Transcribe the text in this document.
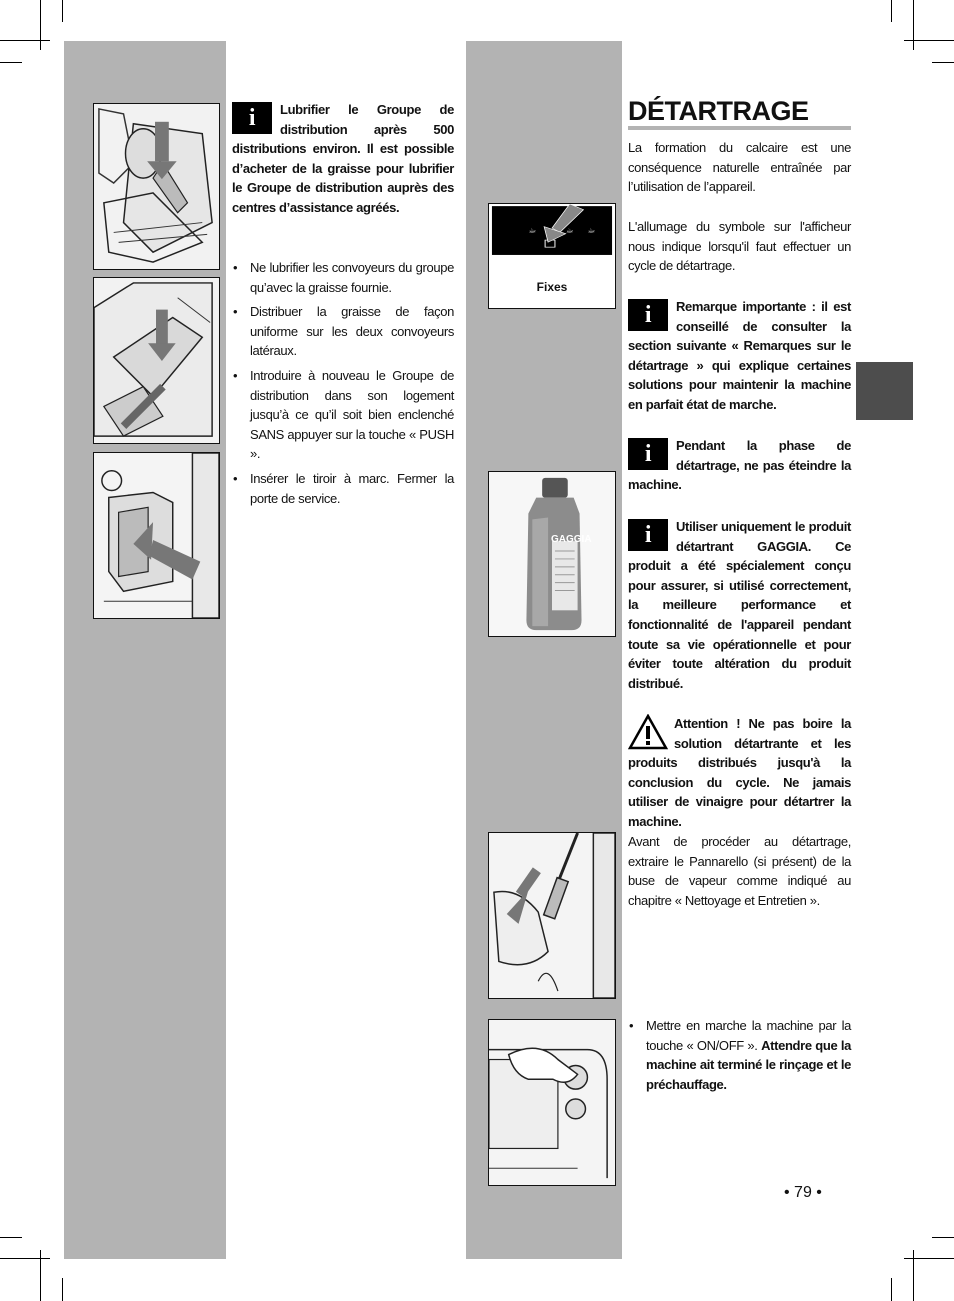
☕	☕ ☕
Fixes
GAGGIA
i	Lubrifier le Groupe de distribution après 500 distributions environ. Il est possible d’acheter de la graisse pour lubrifier le Groupe de distribution auprès des centres d’assistance agréés.
• Ne lubrifier les convoyeurs du groupe qu’avec la graisse fournie.
• Distribuer la graisse de façon uniforme sur les deux convoyeurs latéraux.
• Introduire à nouveau le Groupe de distribution dans son logement jusqu’à ce qu’il soit bien enclenché SANS appuyer sur la touche « PUSH ».
• Insérer le tiroir à marc. Fermer la porte de service.
DÉTARTRAGE
La formation du calcaire est une conséquence naturelle entraînée par l’utilisation de l’appareil.
L'allumage du symbole sur l'afficheur nous indique lorsqu'il faut effectuer un cycle de détartrage.
i	Remarque importante : il est conseillé de consulter la section suivante « Remarques sur le détartrage » qui explique certaines solutions pour maintenir la machine en parfait état de marche.
i	Pendant la phase de détartrage, ne pas éteindre la machine.
i	Utiliser uniquement le produit détartrant GAGGIA. Ce produit a été spécialement conçu pour assurer, si utilisé correctement, la meilleure performance et fonctionnalité de l'appareil pendant toute sa vie opérationnelle et pour éviter toute altération du produit distribué.
Attention ! Ne pas boire la solution détartrante et les produits distribués jusqu'à la conclusion du cycle. Ne jamais utiliser de vinaigre pour détartrer la machine.
Avant de procéder au détartrage, extraire le Pannarello (si présent) de la buse de vapeur comme indiqué au chapitre « Nettoyage et Entretien ».
• Mettre en marche la machine par la touche « ON/OFF ». Attendre que la machine ait terminé le rinçage et le préchauffage.
• 79 •
